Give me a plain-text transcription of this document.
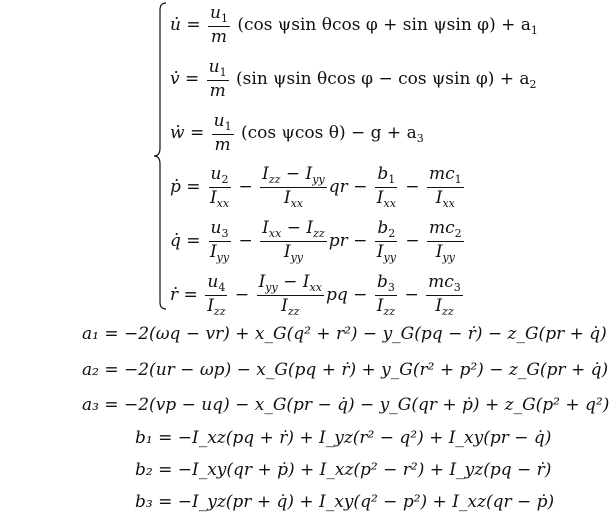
u . = $\frac{u_1}{m} (\cos$ ψsin θcos φ + sin ψsin $\varphi) + a_1$
v . = $\frac{u_1}{m} (\sin$ ψsin θcos φ − cos ψsin $\varphi) + a_2$
w . = $\frac{u_1}{m} (\cos$ ψcos $\theta) - g + a_3$
p . = $\frac{u_2}{I_{xx}} - \frac{I_{zz} - I_{yy}}{I_{xx}}$ qr − $\frac{b_1}{I_{xx}} - \frac{mc_1}{I_{xx}}$
q . = $\frac{u_3}{I_{yy}} - \frac{I_{xx} - I_{zz}}{I_{yy}}$ pr − $\frac{b_2}{I_{yy}} - \frac{mc_2}{I_{yy}}$
r . = $\frac{u_4}{I_{zz}} - \frac{I_{yy} - I_{xx}}{I_{zz}}$ pq − $\frac{b_3}{I_{zz}} - \frac{mc_3}{I_{zz}}$
a₁ = −2(ωq − vr) + x_G(q² + r²) − y_G(pq − ṙ) − z_G(pr + q̇)
a₂ = −2(ur − ωp) − x_G(pq + ṙ) + y_G(r² + p²) − z_G(pr + q̇)
a₃ = −2(vp − uq) − x_G(pr − q̇) − y_G(qr + ṗ) + z_G(p² + q²)
b₁ = −I_xz(pq + ṙ) + I_yz(r² − q²) + I_xy(pr − q̇)
b₂ = −I_xy(qr + ṗ) + I_xz(p² − r²) + I_yz(pq − ṙ)
b₃ = −I_yz(pr + q̇) + I_xy(q² − p²) + I_xz(qr − ṗ)
